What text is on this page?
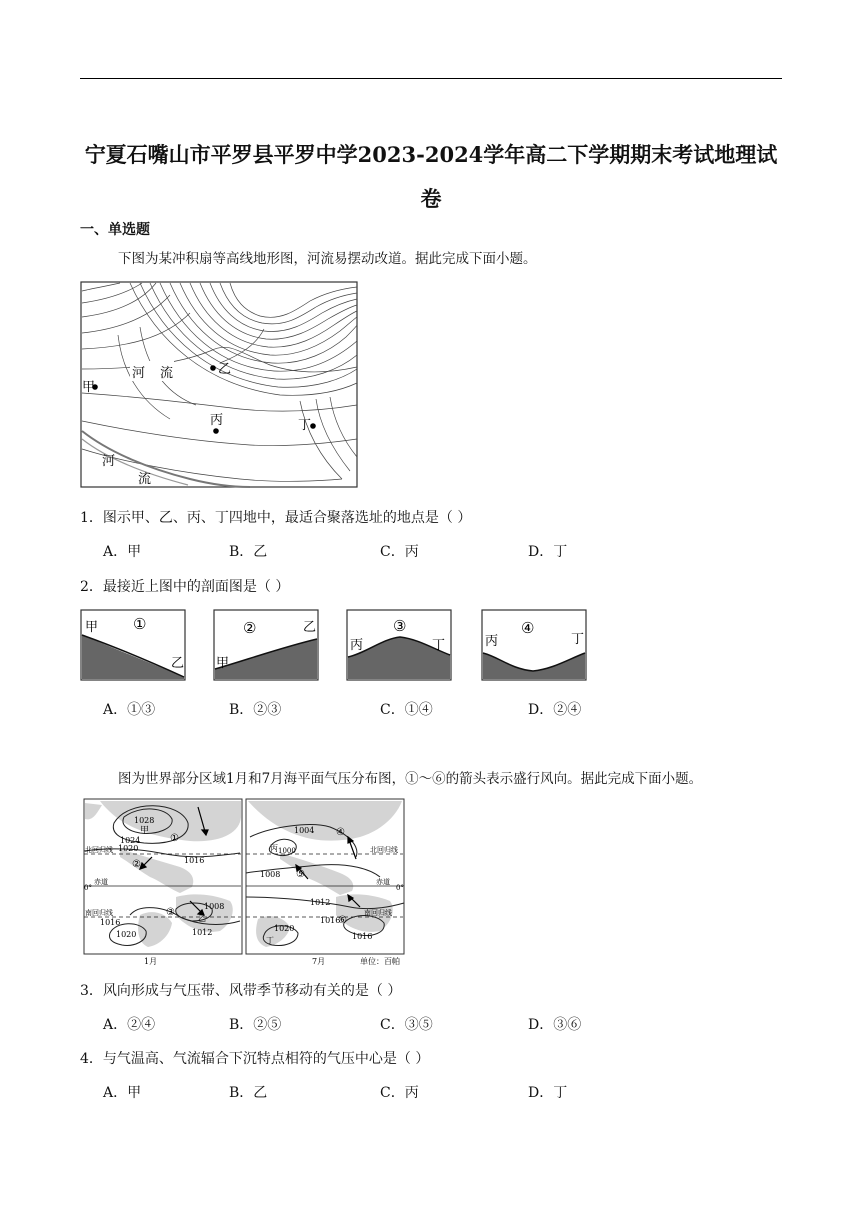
宁夏石嘴山市平罗县平罗中学2023-2024学年高二下学期期末考试地理试
卷
一、单选题
下图为某冲积扇等高线地形图，河流易摆动改道。据此完成下面小题。
河 流	乙
甲
丙	丁
河
流
1．图示甲、乙、丙、丁四地中，最适合聚落选址的地点是（ ）
A．甲	B．乙	C．丙	D．丁
2．最接近上图中的剖面图是（ ）
甲 ①
乙
②	乙
甲
丙
③
丁	丙
④
丁
A．①③	B．②③	C．①④	D．②④
图为世界部分区域1月和7月海平面气压分布图，①～⑥的箭头表示盛行风向。据此完成下面小题。
1028
甲
1024
1020
1016
①
②
③
乙
1008
1012
1016
1020
北回归线
赤道
南回归线
0°
1月
1004
1000
丙
1008
1012
1016
1020
丁	1016
④
⑤
⑥
北回归线
赤道
南回归线
0°
7月	单位：百帕
3．风向形成与气压带、风带季节移动有关的是（ ）
A．②④	B．②⑤	C．③⑤	D．③⑥
4．与气温高、气流辐合下沉特点相符的气压中心是（ ）
A．甲	B．乙	C．丙	D．丁
